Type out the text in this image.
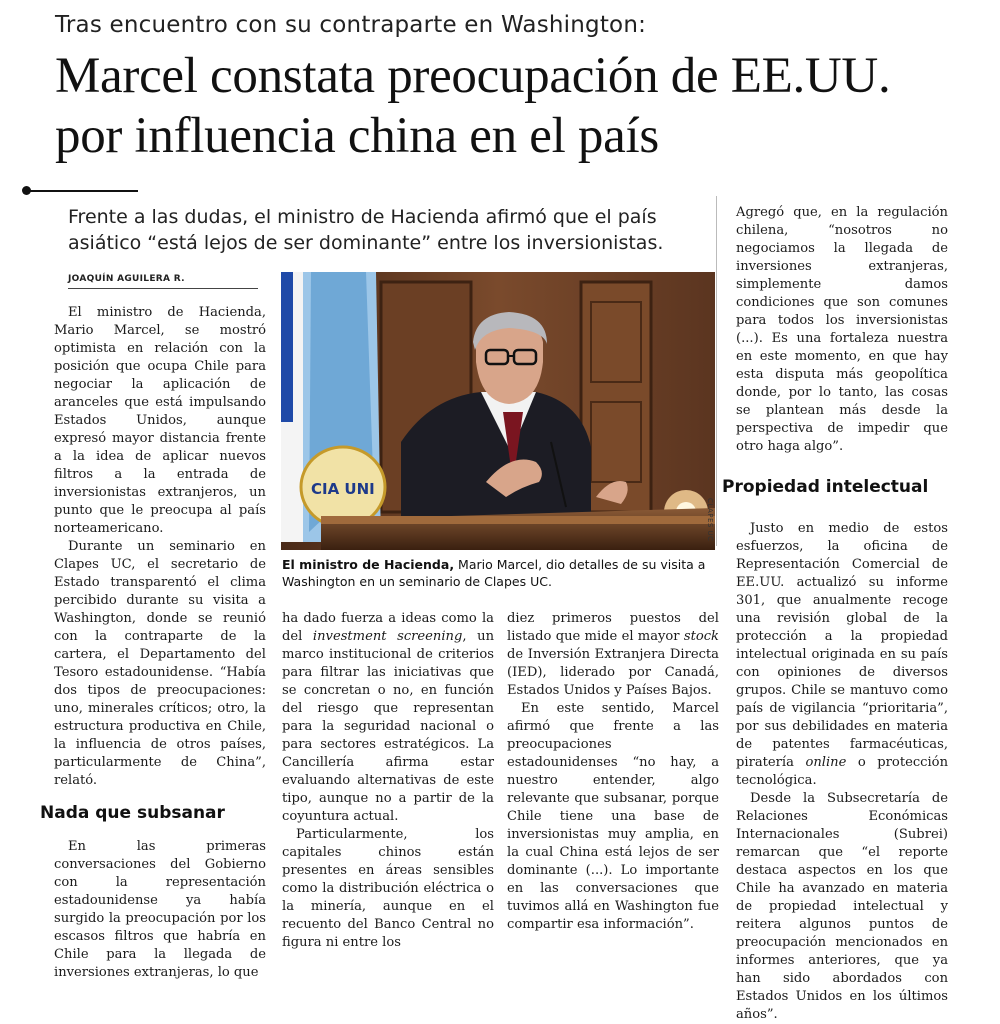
Tras encuentro con su contraparte en Washington:
Marcel constata preocupación de EE.UU. por influencia china en el país

Frente a las dudas, el ministro de Hacienda afirmó que el país asiático “está lejos de ser dominante” entre los inversionistas.

JOAQUÍN AGUILERA R.

El ministro de Hacienda, Mario Marcel, se mostró optimista en relación con la posición que ocupa Chile para negociar la aplicación de aranceles que está impulsando Estados Unidos, aunque expresó mayor distancia frente a la idea de aplicar nuevos filtros a la entrada de inversionistas extranjeros, un punto que le preocupa al país norteamericano.

Durante un seminario en Clapes UC, el secretario de Estado transparentó el clima percibido durante su visita a Washington, donde se reunió con la contraparte de la cartera, el Departamento del Tesoro estadounidense. “Había dos tipos de preocupaciones: uno, minerales críticos; otro, la estructura productiva en Chile, la influencia de otros países, particularmente de China”, relató.

Nada que subsanar

En las primeras conversaciones del Gobierno con la representación estadounidense ya había surgido la preocupación por los escasos filtros que habría en Chile para la llegada de inversiones extranjeras, lo que

CIA UNI
CLAPES UC
El ministro de Hacienda, Mario Marcel, dio detalles de su visita a Washington en un seminario de Clapes UC.

ha dado fuerza a ideas como la del investment screening, un marco institucional de criterios para filtrar las iniciativas que se concretan o no, en función del riesgo que representan para la seguridad nacional o para sectores estratégicos. La Cancillería afirma estar evaluando alternativas de este tipo, aunque no a partir de la coyuntura actual.

Particularmente, los capitales chinos están presentes en áreas sensibles como la distribución eléctrica o la minería, aunque en el recuento del Banco Central no figura ni entre los

diez primeros puestos del listado que mide el mayor stock de Inversión Extranjera Directa (IED), liderado por Canadá, Estados Unidos y Países Bajos.

En este sentido, Marcel afirmó que frente a las preocupaciones estadounidenses “no hay, a nuestro entender, algo relevante que subsanar, porque Chile tiene una base de inversionistas muy amplia, en la cual China está lejos de ser dominante (...). Lo importante en las conversaciones que tuvimos allá en Washington fue compartir esa información”.

Agregó que, en la regulación chilena, “nosotros no negociamos la llegada de inversiones extranjeras, simplemente damos condiciones que son comunes para todos los inversionistas (...). Es una fortaleza nuestra en este momento, en que hay esta disputa más geopolítica donde, por lo tanto, las cosas se plantean más desde la perspectiva de impedir que otro haga algo”.

Propiedad intelectual

Justo en medio de estos esfuerzos, la oficina de Representación Comercial de EE.UU. actualizó su informe 301, que anualmente recoge una revisión global de la protección a la propiedad intelectual originada en su país con opiniones de diversos grupos. Chile se mantuvo como país de vigilancia “prioritaria”, por sus debilidades en materia de patentes farmacéuticas, piratería online o protección tecnológica.

Desde la Subsecretaría de Relaciones Económicas Internacionales (Subrei) remarcan que “el reporte destaca aspectos en los que Chile ha avanzado en materia de propiedad intelectual y reitera algunos puntos de preocupación mencionados en informes anteriores, que ya han sido abordados con Estados Unidos en los últimos años”.
